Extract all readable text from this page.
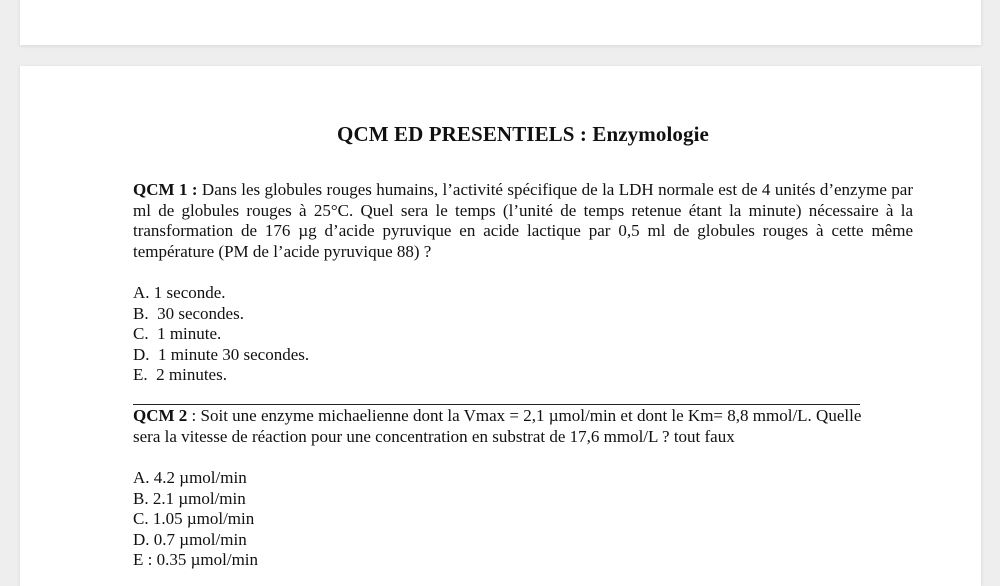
QCM ED PRESENTIELS : Enzymologie
QCM 1 : Dans les globules rouges humains, l’activité spécifique de la LDH normale est de 4 unités d’enzyme par ml de globules rouges à 25°C. Quel sera le temps (l’unité de temps retenue étant la minute) nécessaire à la transformation de 176 µg d’acide pyruvique en acide lactique par 0,5 ml de globules rouges à cette même température (PM de l’acide pyruvique 88) ?
A. 1 seconde.
B.  30 secondes.
C.  1 minute.
D.  1 minute 30 secondes.
E.  2 minutes.
QCM 2 : Soit une enzyme michaelienne dont la Vmax = 2,1 µmol/min et dont le Km= 8,8 mmol/L. Quelle sera la vitesse de réaction pour une concentration en substrat de 17,6 mmol/L ? tout faux
A. 4.2 µmol/min
B. 2.1 µmol/min
C. 1.05 µmol/min
D. 0.7 µmol/min
E : 0.35 µmol/min
